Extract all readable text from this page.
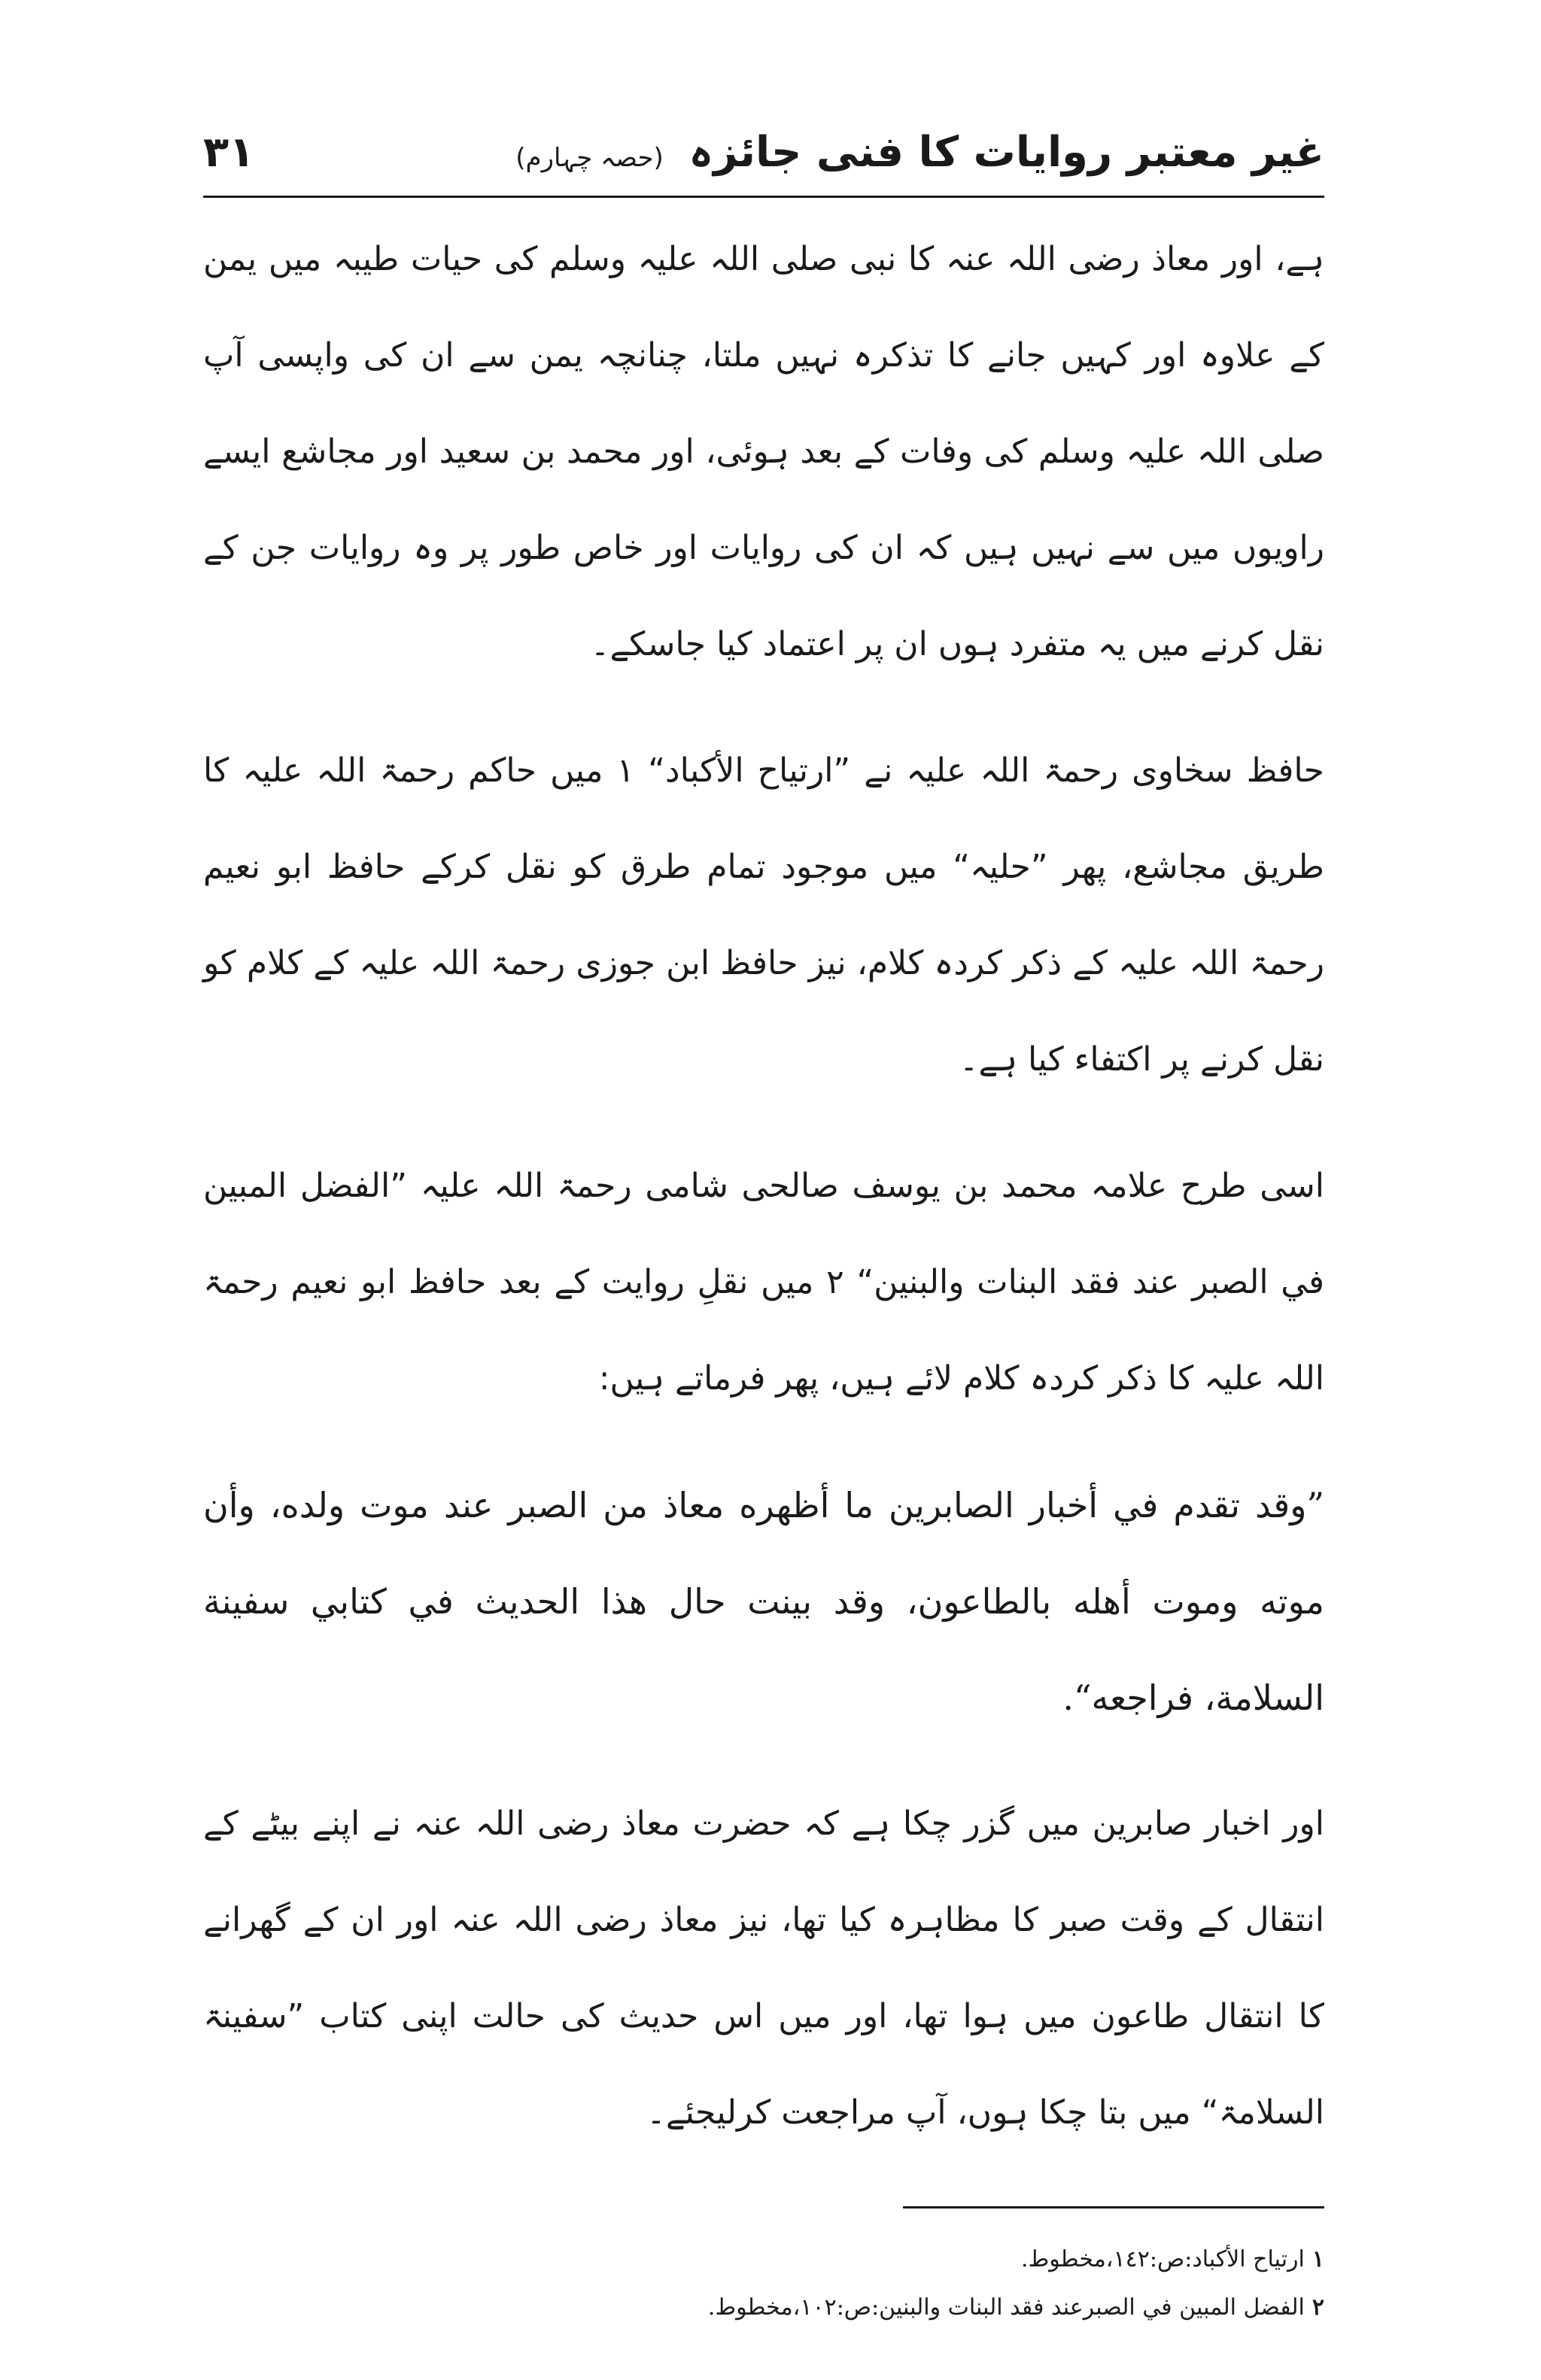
غیر معتبر روایات کا فنی جائزہ (حصہ چہارم)
۳۱

ہے، اور معاذ رضی اللہ عنہ کا نبی صلی اللہ علیہ وسلم کی حیات طیبہ میں یمن کے علاوہ اور کہیں جانے کا تذکرہ نہیں ملتا، چنانچہ یمن سے ان کی واپسی آپ صلی اللہ علیہ وسلم کی وفات کے بعد ہوئی، اور محمد بن سعید اور مجاشع ایسے راویوں میں سے نہیں ہیں کہ ان کی روایات اور خاص طور پر وہ روایات جن کے نقل کرنے میں یہ متفرد ہوں ان پر اعتماد کیا جاسکے۔

حافظ سخاوی رحمۃ اللہ علیہ نے ”ارتیاح الأکباد“ ۱ میں حاکم رحمۃ اللہ علیہ کا طریق مجاشع، پھر ”حلیہ“ میں موجود تمام طرق کو نقل کرکے حافظ ابو نعیم رحمۃ اللہ علیہ کے ذکر کردہ کلام، نیز حافظ ابن جوزی رحمۃ اللہ علیہ کے کلام کو نقل کرنے پر اکتفاء کیا ہے۔

اسی طرح علامہ محمد بن یوسف صالحی شامی رحمۃ اللہ علیہ ”الفضل المبین في الصبر عند فقد البنات والبنین“ ۲ میں نقلِ روایت کے بعد حافظ ابو نعیم رحمۃ اللہ علیہ کا ذکر کردہ کلام لائے ہیں، پھر فرماتے ہیں:

”وقد تقدم في أخبار الصابرين ما أظهره معاذ من الصبر عند موت ولده، وأن موته وموت أهله بالطاعون، وقد بينت حال هذا الحديث في كتابي سفينة السلامة، فراجعه“.

اور اخبار صابرین میں گزر چکا ہے کہ حضرت معاذ رضی اللہ عنہ نے اپنے بیٹے کے انتقال کے وقت صبر کا مظاہرہ کیا تھا، نیز معاذ رضی اللہ عنہ اور ان کے گھرانے کا انتقال طاعون میں ہوا تھا، اور میں اس حدیث کی حالت اپنی کتاب ”سفینۃ السلامۃ“ میں بتا چکا ہوں، آپ مراجعت کرلیجئے۔

۱ارتياح الأكباد:ص:١٤٢،مخطوط.
۲الفضل المبين في الصبرعند فقد البنات والبنين:ص:١٠٢،مخطوط.
